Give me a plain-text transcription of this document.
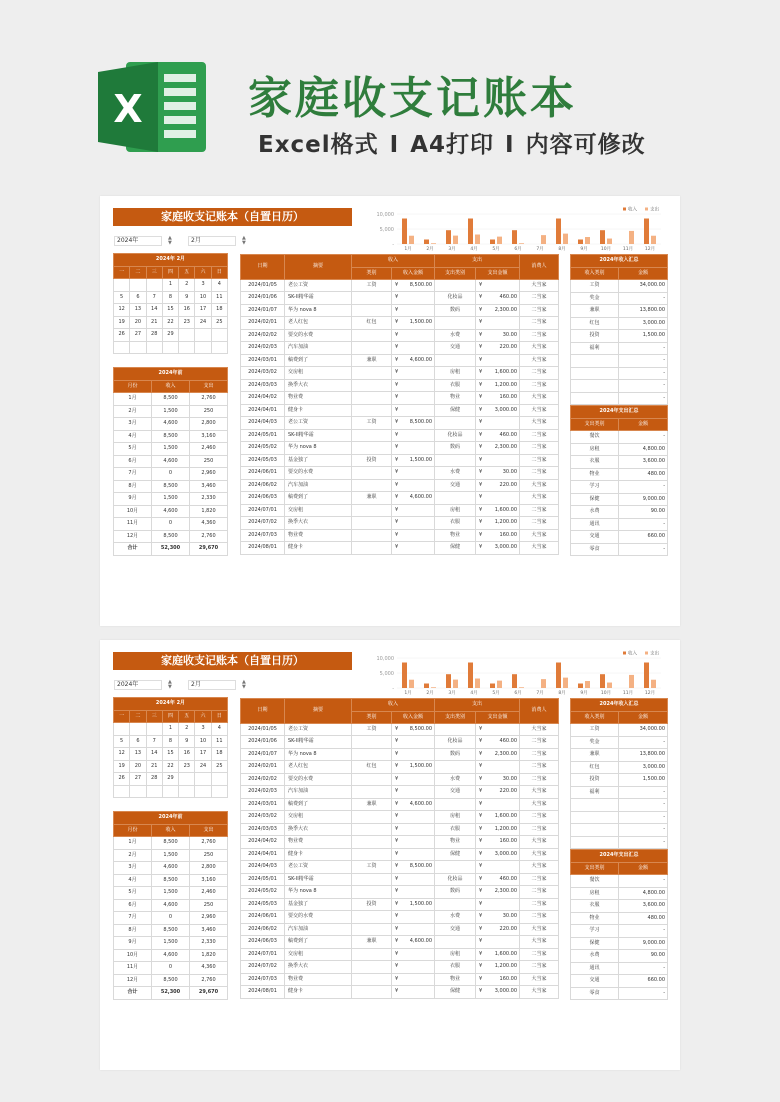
X 家庭收支记账本
Excel格式 I A4打印 I 内容可修改
家庭收支记账本（自置日历）
2024年	▲
▼	2月	▲
▼
10,000
5,000
-
1月	2月	3月	4月	5月	6月	7月	8月	9月	10月	11月	12月
收入	支出
2024年 2月						
一	二	三	四	五	六	日
			1	2	3	4
5	6	7	8	9	10	11
12	13	14	15	16	17	18
19	20	21	22	23	24	25
26	27	28	29			

2024年前		
月份	收入	支出
1月	8,500	2,760
2月	1,500	250
3月	4,600	2,800
4月	8,500	3,160
5月	1,500	2,460
6月	4,600	250
7月	0	2,960
8月	8,500	3,460
9月	1,500	2,330
10月	4,600	1,820
11月	0	4,360
12月	8,500	2,760
合计	52,300	29,670
日期	摘要	收入		支出		消费人
		类别	收入金额	支出类别	支出金额	
2024/01/05	老公工资	工资	¥ 8,500.00		¥	大当家
2024/01/06	SK-II精华霜		¥	化妆品	¥ 460.00	二当家
2024/01/07	华为 nova 8		¥	数码	¥ 2,300.00	二当家
2024/02/01	老人红包	红包	¥ 1,500.00		¥	二当家
2024/02/02	要交的水费		¥	水费	¥ 30.00	二当家
2024/02/03	汽车加油		¥	交通	¥ 220.00	大当家
2024/03/01	稿费到了	兼职	¥ 4,600.00		¥	大当家
2024/03/02	交房租		¥	房租	¥ 1,600.00	二当家
2024/03/03	换季大衣		¥	衣服	¥ 1,200.00	二当家
2024/04/02	物业费		¥	物业	¥ 160.00	大当家
2024/04/01	健身卡		¥	保健	¥ 3,000.00	大当家
2024/04/03	老公工资	工资	¥ 8,500.00		¥	大当家
2024/05/01	SK-II精华霜		¥	化妆品	¥ 460.00	二当家
2024/05/02	华为 nova 8		¥	数码	¥ 2,300.00	二当家
2024/05/03	基金独了	投资	¥ 1,500.00		¥	二当家
2024/06/01	要交的水费		¥	水费	¥ 30.00	二当家
2024/06/02	汽车加油		¥	交通	¥ 220.00	大当家
2024/06/03	稿费到了	兼职	¥ 4,600.00		¥	大当家
2024/07/01	交房租		¥	房租	¥ 1,600.00	二当家
2024/07/02	换季大衣		¥	衣服	¥ 1,200.00	二当家
2024/07/03	物业费		¥	物业	¥ 160.00	大当家
2024/08/01	健身卡		¥	保健	¥ 3,000.00	大当家
2024年收入汇总	
收入类别	金额
工资	34,000.00
奖金	-
兼职	13,800.00
红包	3,000.00
投资	1,500.00
福利	-
	-
	-
	-
	-
2024年支出汇总	
支出类别	金额
餐饮	-
房租	4,800.00
衣服	3,600.00
物业	480.00
学习	-
保健	9,000.00
水费	90.00
通讯	-
交通	660.00
零食	-
家庭收支记账本（自置日历）
2024年	▲
▼	2月	▲
▼
10,000
5,000
-
1月	2月	3月	4月	5月	6月	7月	8月	9月	10月	11月	12月
收入	支出
2024年 2月						
一	二	三	四	五	六	日
			1	2	3	4
5	6	7	8	9	10	11
12	13	14	15	16	17	18
19	20	21	22	23	24	25
26	27	28	29			

2024年前		
月份	收入	支出
1月	8,500	2,760
2月	1,500	250
3月	4,600	2,800
4月	8,500	3,160
5月	1,500	2,460
6月	4,600	250
7月	0	2,960
8月	8,500	3,460
9月	1,500	2,330
10月	4,600	1,820
11月	0	4,360
12月	8,500	2,760
合计	52,300	29,670
日期	摘要	收入		支出		消费人
		类别	收入金额	支出类别	支出金额	
2024/01/05	老公工资	工资	¥ 8,500.00		¥	大当家
2024/01/06	SK-II精华霜		¥	化妆品	¥ 460.00	二当家
2024/01/07	华为 nova 8		¥	数码	¥ 2,300.00	二当家
2024/02/01	老人红包	红包	¥ 1,500.00		¥	二当家
2024/02/02	要交的水费		¥	水费	¥ 30.00	二当家
2024/02/03	汽车加油		¥	交通	¥ 220.00	大当家
2024/03/01	稿费到了	兼职	¥ 4,600.00		¥	大当家
2024/03/02	交房租		¥	房租	¥ 1,600.00	二当家
2024/03/03	换季大衣		¥	衣服	¥ 1,200.00	二当家
2024/04/02	物业费		¥	物业	¥ 160.00	大当家
2024/04/01	健身卡		¥	保健	¥ 3,000.00	大当家
2024/04/03	老公工资	工资	¥ 8,500.00		¥	大当家
2024/05/01	SK-II精华霜		¥	化妆品	¥ 460.00	二当家
2024/05/02	华为 nova 8		¥	数码	¥ 2,300.00	二当家
2024/05/03	基金独了	投资	¥ 1,500.00		¥	二当家
2024/06/01	要交的水费		¥	水费	¥ 30.00	二当家
2024/06/02	汽车加油		¥	交通	¥ 220.00	大当家
2024/06/03	稿费到了	兼职	¥ 4,600.00		¥	大当家
2024/07/01	交房租		¥	房租	¥ 1,600.00	二当家
2024/07/02	换季大衣		¥	衣服	¥ 1,200.00	二当家
2024/07/03	物业费		¥	物业	¥ 160.00	大当家
2024/08/01	健身卡		¥	保健	¥ 3,000.00	大当家
2024年收入汇总	
收入类别	金额
工资	34,000.00
奖金	-
兼职	13,800.00
红包	3,000.00
投资	1,500.00
福利	-
	-
	-
	-
	-
2024年支出汇总	
支出类别	金额
餐饮	-
房租	4,800.00
衣服	3,600.00
物业	480.00
学习	-
保健	9,000.00
水费	90.00
通讯	-
交通	660.00
零食	-
